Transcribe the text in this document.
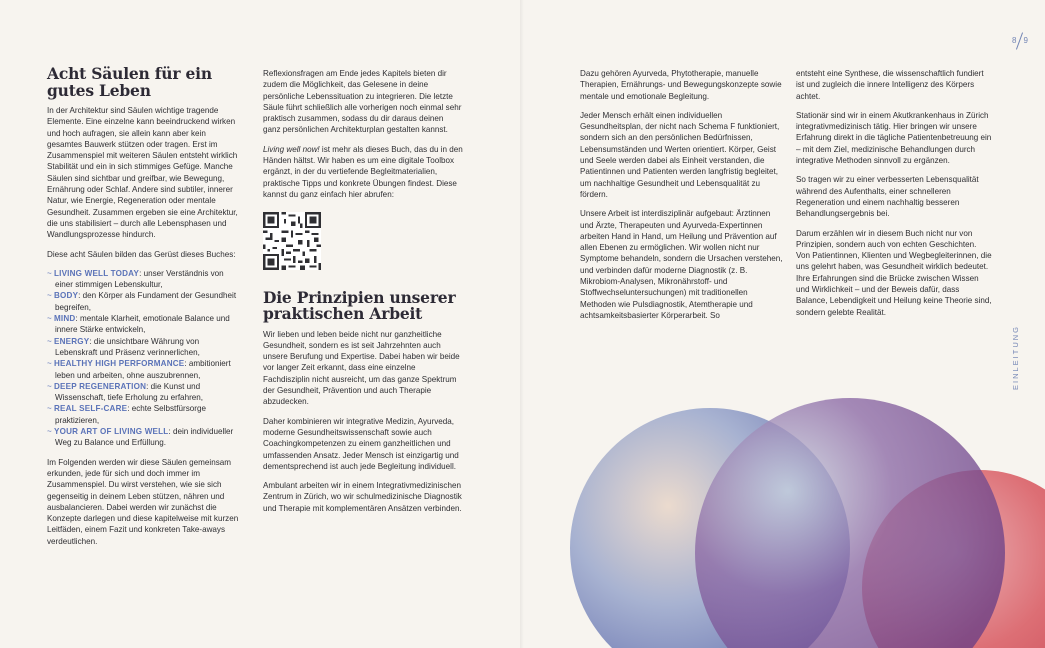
Acht Säulen für ein
gutes Leben

In der Architektur sind Säulen wichtige tragende Elemente. Eine einzelne kann beeindruckend wirken und hoch aufragen, sie allein kann aber kein gesamtes Bauwerk stützen oder tragen. Erst im Zusammenspiel mit weiteren Säulen entsteht wirklich Stabilität und ein in sich stimmiges Gefüge. Manche Säulen sind sichtbar und greifbar, wie Bewegung, Ernährung oder Schlaf. Andere sind subtiler, innerer Natur, wie Energie, Regeneration oder mentale Gesundheit. Zusammen ergeben sie eine Architektur, die uns stabilisiert – durch alle Lebensphasen und Wandlungsprozesse hindurch.

Diese acht Säulen bilden das Gerüst dieses Buches:

~ LIVING WELL TODAY: unser Verständnis von einer stimmigen Lebenskultur,
~ BODY: den Körper als Fundament der Gesundheit begreifen,
~ MIND: mentale Klarheit, emotionale Balance und innere Stärke entwickeln,
~ ENERGY: die unsichtbare Währung von Lebenskraft und Präsenz verinnerlichen,
~ HEALTHY HIGH PERFORMANCE: ambitioniert leben und arbeiten, ohne auszubrennen,
~ DEEP REGENERATION: die Kunst und Wissenschaft, tiefe Erholung zu erfahren,
~ REAL SELF-CARE: echte Selbstfürsorge praktizieren,
~ YOUR ART OF LIVING WELL: dein individueller Weg zu Balance und Erfüllung.

Im Folgenden werden wir diese Säulen gemeinsam erkunden, jede für sich und doch immer im Zusammenspiel. Du wirst verstehen, wie sie sich gegenseitig in deinem Leben stützen, nähren und ausbalancieren. Dabei werden wir zunächst die Konzepte darlegen und diese kapitelweise mit kurzen Leitfäden, einem Fazit und konkreten Take-aways verdeutlichen.

Reflexionsfragen am Ende jedes Kapitels bieten dir zudem die Möglichkeit, das Gelesene in deine persönliche Lebenssituation zu integrieren. Die letzte Säule führt schließlich alle vorherigen noch einmal sehr praktisch zusammen, sodass du dir daraus deinen ganz persönlichen Architekturplan gestalten kannst.

Living well now! ist mehr als dieses Buch, das du in den Händen hältst. Wir haben es um eine digitale Toolbox ergänzt, in der du vertiefende Begleitmaterialien, praktische Tipps und konkrete Übungen findest. Diese kannst du ganz einfach hier abrufen:

Die Prinzipien unserer
praktischen Arbeit

Wir lieben und leben beide nicht nur ganzheitliche Gesundheit, sondern es ist seit Jahrzehnten auch unsere Berufung und Expertise. Dabei haben wir beide vor langer Zeit erkannt, dass eine einzelne Fachdisziplin nicht ausreicht, um das ganze Spektrum der Gesundheit, Prävention und auch Therapie abzudecken.

Daher kombinieren wir integrative Medizin, Ayurveda, moderne Gesundheitswissenschaft sowie auch Coachingkompetenzen zu einem ganzheitlichen und umfassenden Ansatz. Jeder Mensch ist einzigartig und dementsprechend ist auch jede Begleitung individuell.

Ambulant arbeiten wir in einem Integrativmedizinischen Zentrum in Zürich, wo wir schulmedizinische Diagnostik und Therapie mit komplementären Ansätzen verbinden.

Dazu gehören Ayurveda, Phytotherapie, manuelle Therapien, Ernährungs- und Bewegungskonzepte sowie mentale und emotionale Begleitung.

Jeder Mensch erhält einen individuellen Gesundheitsplan, der nicht nach Schema F funktioniert, sondern sich an den persönlichen Bedürfnissen, Lebensumständen und Werten orientiert. Körper, Geist und Seele werden dabei als Einheit verstanden, die Patientinnen und Patienten werden langfristig begleitet, um nachhaltige Gesundheit und Lebensqualität zu fördern.

Unsere Arbeit ist interdisziplinär aufgebaut: Ärztinnen und Ärzte, Therapeuten und Ayurveda-Expertinnen arbeiten Hand in Hand, um Heilung und Prävention auf allen Ebenen zu ermöglichen. Wir wollen nicht nur Symptome behandeln, sondern die Ursachen verstehen, und verbinden dafür moderne Diagnostik (z. B. Mikrobiom-Analysen, Mikronährstoff- und Stoffwechseluntersuchungen) mit traditionellen Methoden wie Pulsdiagnostik, Atemtherapie und achtsamkeitsbasierter Körperarbeit. So

entsteht eine Synthese, die wissenschaftlich fundiert ist und zugleich die innere Intelligenz des Körpers achtet.

Stationär sind wir in einem Akutkrankenhaus in Zürich integrativmedizinisch tätig. Hier bringen wir unsere Erfahrung direkt in die tägliche Patientenbetreuung ein – mit dem Ziel, medizinische Behandlungen durch integrative Methoden sinnvoll zu ergänzen.

So tragen wir zu einer verbesserten Lebensqualität während des Aufenthalts, einer schnelleren Regeneration und einem nachhaltig besseren Behandlungsergebnis bei.

Darum erzählen wir in diesem Buch nicht nur von Prinzipien, sondern auch von echten Geschichten. Von Patientinnen, Klienten und Wegbegleiterinnen, die uns gelehrt haben, was Gesundheit wirklich bedeutet. Ihre Erfahrungen sind die Brücke zwischen Wissen und Wirklichkeit – und der Beweis dafür, dass Balance, Lebendigkeit und Heilung keine Theorie sind, sondern gelebte Realität.

8 9
EINLEITUNG
